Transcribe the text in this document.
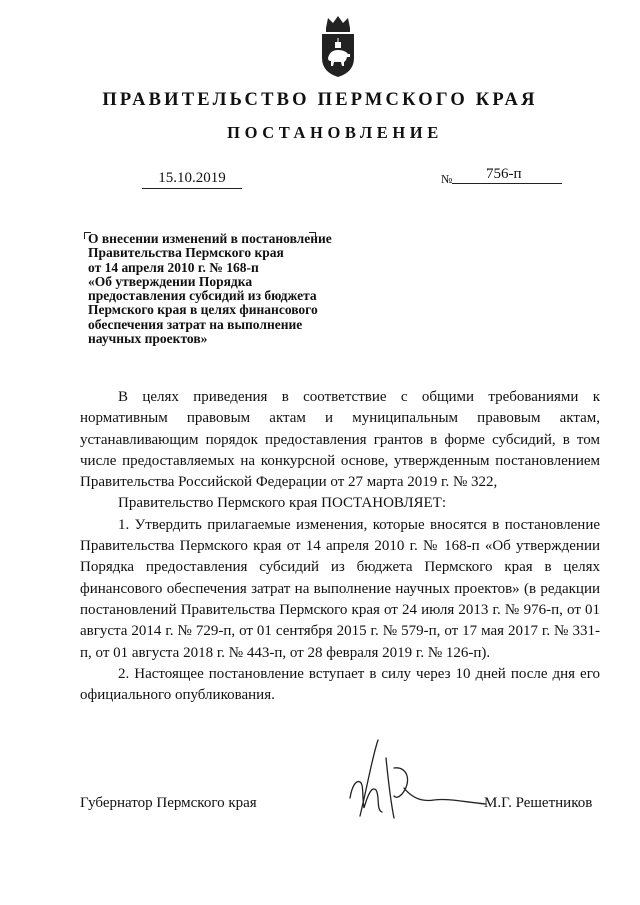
ПРАВИТЕЛЬСТВО ПЕРМСКОГО КРАЯ
ПОСТАНОВЛЕНИЕ
15.10.2019	№	756-п
О внесении изменений в постановление
Правительства Пермского края
от 14 апреля 2010 г. № 168-п
«Об утверждении Порядка
предоставления субсидий из бюджета
Пермского края в целях финансового
обеспечения затрат на выполнение
научных проектов»

В целях приведения в соответствие с общими требованиями к нормативным правовым актам и муниципальным правовым актам, устанавливающим порядок предоставления грантов в форме субсидий, в том числе предоставляемых на конкурсной основе, утвержденным постановлением Правительства Российской Федерации от 27 марта 2019 г. № 322,

Правительство Пермского края ПОСТАНОВЛЯЕТ:

1. Утвердить прилагаемые изменения, которые вносятся в постановление Правительства Пермского края от 14 апреля 2010 г. № 168-п «Об утверждении Порядка предоставления субсидий из бюджета Пермского края в целях финансового обеспечения затрат на выполнение научных проектов» (в редакции постановлений Правительства Пермского края от 24 июля 2013 г. № 976-п, от 01 августа 2014 г. № 729-п, от 01 сентября 2015 г. № 579-п, от 17 мая 2017 г. № 331-п, от 01 августа 2018 г. № 443-п, от 28 февраля 2019 г. № 126-п).

2. Настоящее постановление вступает в силу через 10 дней после дня его официального опубликования.

Губернатор Пермского края	М.Г. Решетников
